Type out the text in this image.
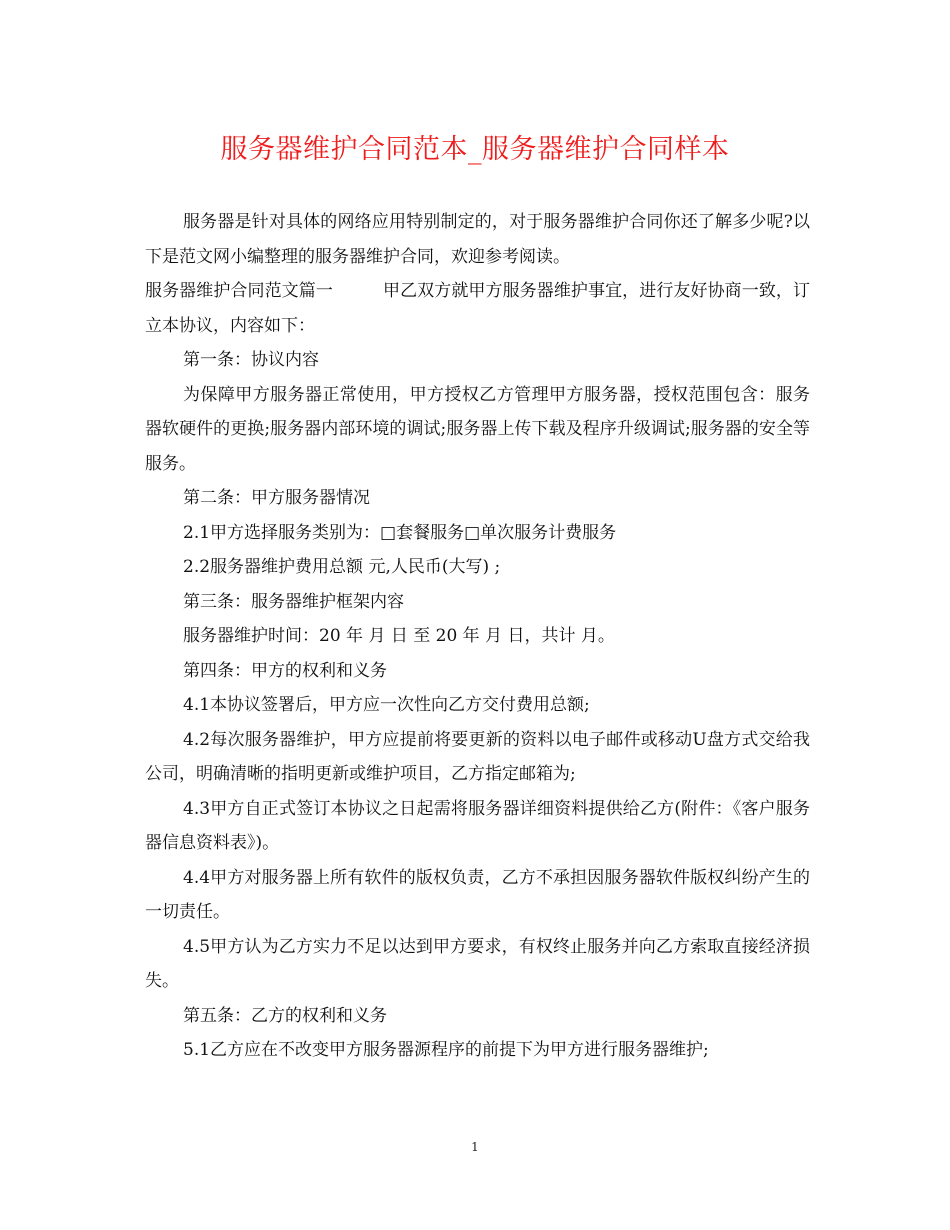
服务器维护合同范本_服务器维护合同样本

服务器是针对具体的网络应用特别制定的，对于服务器维护合同你还了解多少呢?以下是范文网小编整理的服务器维护合同，欢迎参考阅读。

服务器维护合同范文篇一	甲乙双方就甲方服务器维护事宜，进行友好协商一致，订立本协议，内容如下：

第一条：协议内容

为保障甲方服务器正常使用，甲方授权乙方管理甲方服务器，授权范围包含：服务器软硬件的更换;服务器内部环境的调试;服务器上传下载及程序升级调试;服务器的安全等服务。

第二条：甲方服务器情况

2.1甲方选择服务类别为：□套餐服务□单次服务计费服务

2.2服务器维护费用总额 元,人民币(大写) ;

第三条：服务器维护框架内容

服务器维护时间：20 年 月 日 至 20 年 月 日，共计 月。

第四条：甲方的权利和义务

4.1本协议签署后，甲方应一次性向乙方交付费用总额;

4.2每次服务器维护，甲方应提前将要更新的资料以电子邮件或移动U盘方式交给我公司，明确清晰的指明更新或维护项目，乙方指定邮箱为;

4.3甲方自正式签订本协议之日起需将服务器详细资料提供给乙方(附件：《客户服务器信息资料表》)。

4.4甲方对服务器上所有软件的版权负责，乙方不承担因服务器软件版权纠纷产生的一切责任。

4.5甲方认为乙方实力不足以达到甲方要求，有权终止服务并向乙方索取直接经济损失。

第五条：乙方的权利和义务

5.1乙方应在不改变甲方服务器源程序的前提下为甲方进行服务器维护;

1
